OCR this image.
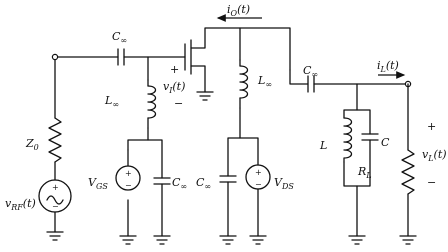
$Z_0$
+
−
$v_{RF}(t)$
$C_\infty$
$L_\infty$
+
−
$V_{GS}$	$C_\infty$
+
−
$v_I(t)$
$i_O(t)$
$L_\infty$
$C_\infty$
+
− $V_{DS}$
$C_\infty$
$i_L(t)$
L	C
$R_L$
+
−
$v_L(t)$
